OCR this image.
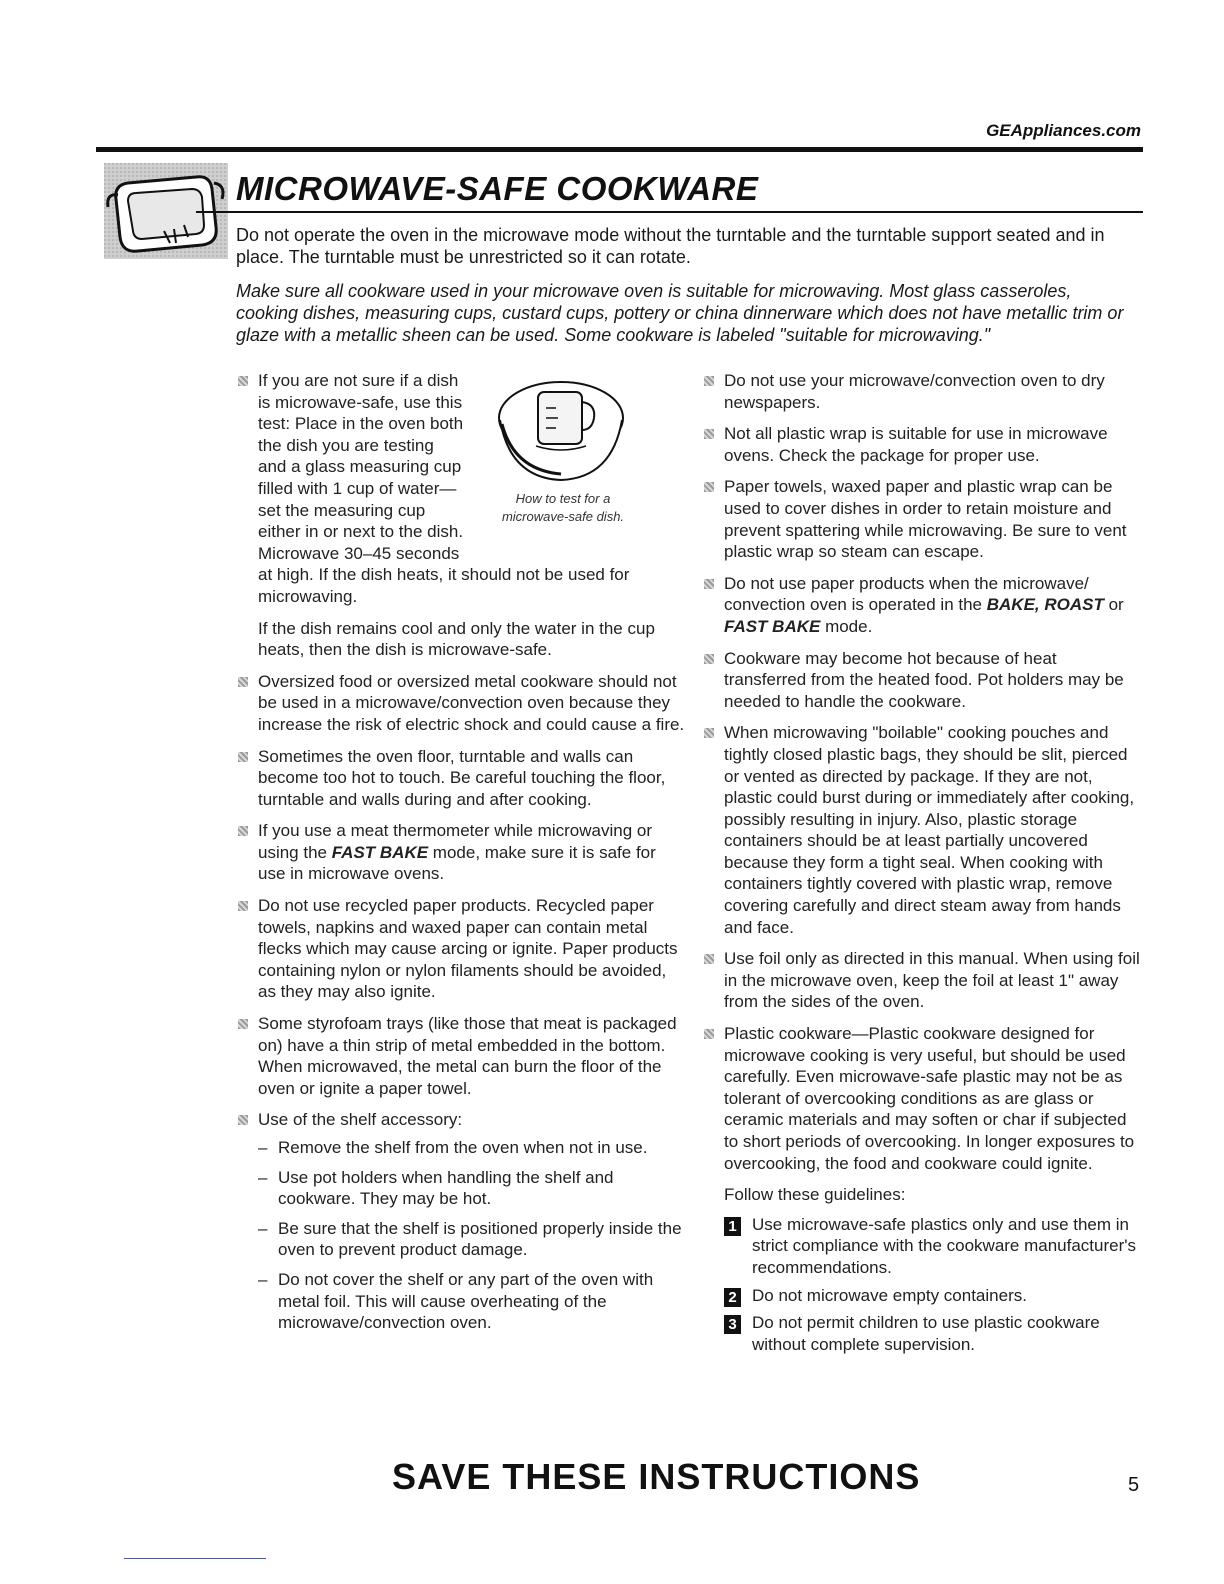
GEAppliances.com
MICROWAVE-SAFE COOKWARE

Do not operate the oven in the microwave mode without the turntable and the turntable support seated and in place. The turntable must be unrestricted so it can rotate.

Make sure all cookware used in your microwave oven is suitable for microwaving. Most glass casseroles, cooking dishes, measuring cups, custard cups, pottery or china dinnerware which does not have metallic trim or glaze with a metallic sheen can be used. Some cookware is labeled "suitable for microwaving."

How to test for a
microwave-safe dish.
If you are not sure if a dish is microwave-safe, use this test: Place in the oven both the dish you are testing and a glass measuring cup filled with 1 cup of water—set the measuring cup either in or next to the dish. Microwave 30–45 seconds at high. If the dish heats, it should not be used for microwaving.

If the dish remains cool and only the water in the cup heats, then the dish is microwave-safe.

Oversized food or oversized metal cookware should not be used in a microwave/convection oven because they increase the risk of electric shock and could cause a fire.
Sometimes the oven floor, turntable and walls can become too hot to touch. Be careful touching the floor, turntable and walls during and after cooking.
If you use a meat thermometer while microwaving or using the FAST BAKE mode, make sure it is safe for use in microwave ovens.
Do not use recycled paper products. Recycled paper towels, napkins and waxed paper can contain metal flecks which may cause arcing or ignite. Paper products containing nylon or nylon filaments should be avoided, as they may also ignite.
Some styrofoam trays (like those that meat is packaged on) have a thin strip of metal embedded in the bottom. When microwaved, the metal can burn the floor of the oven or ignite a paper towel.
Use of the shelf accessory:
– Remove the shelf from the oven when not in use.
– Use pot holders when handling the shelf and cookware. They may be hot.
– Be sure that the shelf is positioned properly inside the oven to prevent product damage.
– Do not cover the shelf or any part of the oven with metal foil. This will cause overheating of the microwave/convection oven.
Do not use your microwave/convection oven to dry newspapers.
Not all plastic wrap is suitable for use in microwave ovens. Check the package for proper use.
Paper towels, waxed paper and plastic wrap can be used to cover dishes in order to retain moisture and prevent spattering while microwaving. Be sure to vent plastic wrap so steam can escape.
Do not use paper products when the microwave/ convection oven is operated in the BAKE, ROAST or FAST BAKE mode.
Cookware may become hot because of heat transferred from the heated food. Pot holders may be needed to handle the cookware.
When microwaving "boilable" cooking pouches and tightly closed plastic bags, they should be slit, pierced or vented as directed by package. If they are not, plastic could burst during or immediately after cooking, possibly resulting in injury. Also, plastic storage containers should be at least partially uncovered because they form a tight seal. When cooking with containers tightly covered with plastic wrap, remove covering carefully and direct steam away from hands and face.
Use foil only as directed in this manual. When using foil in the microwave oven, keep the foil at least 1" away from the sides of the oven.
Plastic cookware—Plastic cookware designed for microwave cooking is very useful, but should be used carefully. Even microwave-safe plastic may not be as tolerant of overcooking conditions as are glass or ceramic materials and may soften or char if subjected to short periods of overcooking. In longer exposures to overcooking, the food and cookware could ignite.

Follow these guidelines:

1 Use microwave-safe plastics only and use them in strict compliance with the cookware manufacturer's recommendations.
2 Do not microwave empty containers.
3 Do not permit children to use plastic cookware without complete supervision.
SAVE THESE INSTRUCTIONS	5
